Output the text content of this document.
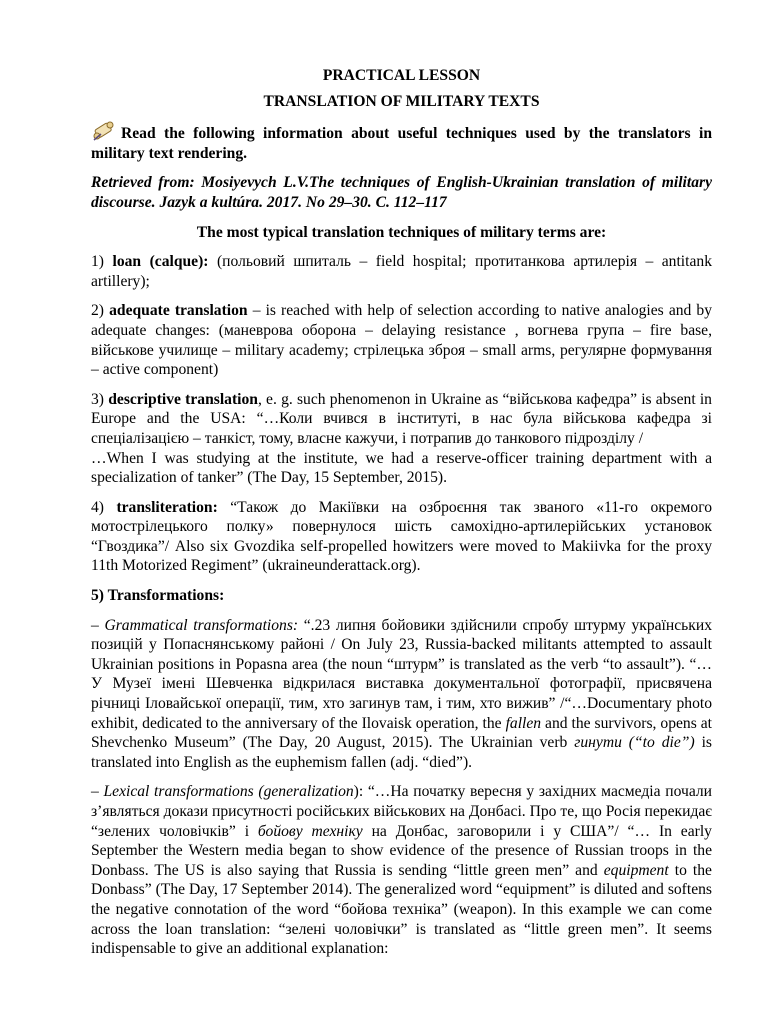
PRACTICAL LESSON
TRANSLATION OF MILITARY TEXTS

Read the following information about useful techniques used by the translators in military text rendering.

Retrieved from: Mosiyevych L.V.The techniques of English-Ukrainian translation of military discourse. Jazyk a kultúra. 2017. No 29–30. C. 112–117

The most typical translation techniques of military terms are:

1) loan (calque): (польовий шпиталь – field hospital; протитанкова артилерія – antitank artillery);

2) adequate translation – is reached with help of selection according to native analogies and by adequate changes: (маневрова оборона – delaying resistance , вогнева група – fire base, військове училище – military academy; стрілецька зброя – small arms, регулярне формування – active component)

3) descriptive translation, e. g. such phenomenon in Ukraine as “військова кафедра” is absent in Europe and the USA: “…Коли вчився в інституті, в нас була військова кафедра зі спеціалізацією – танкіст, тому, власне кажучи, і потрапив до танкового підрозділу /
…When I was studying at the institute, we had a reserve-officer training department with a specialization of tanker” (The Day, 15 September, 2015).

4) transliteration: “Також до Макіївки на озброєння так званого «11-го окремого мотострілецького полку» повернулося шість самохідно-артилерійських установок “Гвоздика”/ Also six Gvozdika self-propelled howitzers were moved to Makiivka for the proxy 11th Motorized Regiment” (ukraineunderattack.org).

5) Transformations:

– Grammatical transformations: “.23 липня бойовики здійснили спробу штурму українських позицій у Попаснянському районі / On July 23, Russia-backed militants attempted to assault Ukrainian positions in Popasna area (the noun “штурм” is translated as the verb “to assault”). “…У Музеї імені Шевченка відкрилася виставка документальної фотографії, присвячена річниці Іловайської операції, тим, хто загинув там, і тим, хто вижив” /“…Documentary photo exhibit, dedicated to the anniversary of the Ilovaisk operation, the fallen and the survivors, opens at Shevchenko Museum” (The Day, 20 August, 2015). The Ukrainian verb гинути (“to die”) is translated into English as the euphemism fallen (adj. “died”).

– Lexical transformations (generalization): “…На початку вересня у західних масмедіа почали з’являться докази присутності російських військових на Донбасі. Про те, що Росія перекидає “зелених чоловічків” і бойову техніку на Донбас, заговорили і у США”/ “… In early September the Western media began to show evidence of the presence of Russian troops in the Donbass. The US is also saying that Russia is sending “little green men” and equipment to the Donbass” (The Day, 17 September 2014). The generalized word “equipment” is diluted and softens the negative connotation of the word “бойова техніка” (weapon). In this example we can come across the loan translation: “зелені чоловічки” is translated as “little green men”. It seems indispensable to give an additional explanation:
